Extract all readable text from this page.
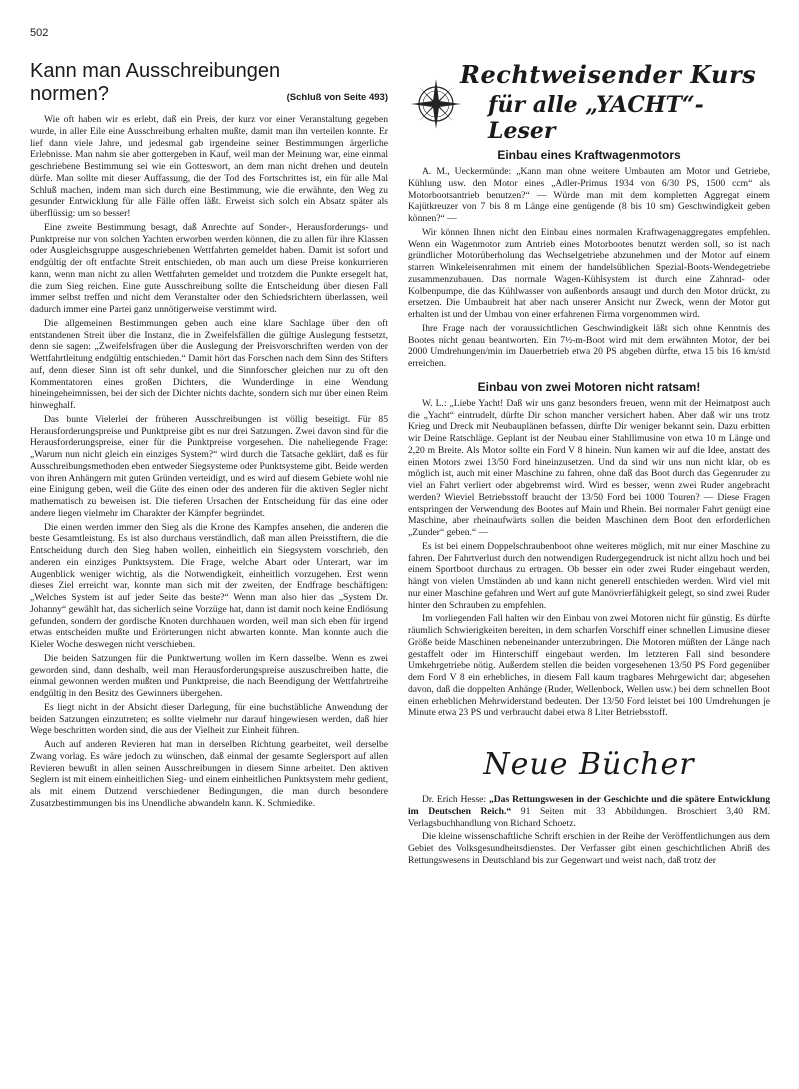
502
Kann man Ausschreibungen
normen?	(Schluß von Seite 493)

Wie oft haben wir es erlebt, daß ein Preis, der kurz vor einer Veranstaltung gegeben wurde, in aller Eile eine Ausschreibung erhalten mußte, damit man ihn verteilen konnte. Er lief dann viele Jahre, und jedesmal gab irgendeine seiner Bestimmungen ärgerliche Erlebnisse. Man nahm sie aber gottergeben in Kauf, weil man der Meinung war, eine einmal geschriebene Bestimmung sei wie ein Gotteswort, an dem man nicht drehen und deuteln dürfe. Man sollte mit dieser Auffassung, die der Tod des Fortschrittes ist, ein für alle Mal Schluß machen, indem man sich durch eine Bestimmung, wie die erwähnte, den Weg zu gesunder Entwicklung für alle Fälle offen läßt. Erweist sich solch ein Absatz später als überflüssig: um so besser!

Eine zweite Bestimmung besagt, daß Anrechte auf Sonder-, Herausforderungs- und Punktpreise nur von solchen Yachten erworben werden können, die zu allen für ihre Klassen oder Ausgleichsgruppe ausgeschriebenen Wettfahrten gemeldet haben. Damit ist sofort und endgültig der oft entfachte Streit entschieden, ob man auch um diese Preise konkurrieren kann, wenn man nicht zu allen Wettfahrten gemeldet und trotzdem die Punkte ersegelt hat, die zum Sieg reichen. Eine gute Ausschreibung sollte die Entscheidung über diesen Fall immer selbst treffen und nicht dem Veranstalter oder den Schiedsrichtern überlassen, weil dadurch immer eine Partei ganz unnötigerweise verstimmt wird.

Die allgemeinen Bestimmungen geben auch eine klare Sachlage über den oft entstandenen Streit über die Instanz, die in Zweifelsfällen die gültige Auslegung festsetzt, denn sie sagen: „Zweifelsfragen über die Auslegung der Preisvorschriften werden von der Wettfahrtleitung endgültig entschieden.“ Damit hört das Forschen nach dem Sinn des Stifters auf, denn dieser Sinn ist oft sehr dunkel, und die Sinnforscher gleichen nur zu oft den Kommentatoren eines großen Dichters, die Wunderdinge in eine Wendung hineingeheimnissen, bei der sich der Dichter nichts dachte, sondern sich nur über einen Reim hinweghalf.

Das bunte Vielerlei der früheren Ausschreibungen ist völlig beseitigt. Für 85 Herausforderungspreise und Punktpreise gibt es nur drei Satzungen. Zwei davon sind für die Herausforderungspreise, einer für die Punktpreise vorgesehen. Die naheliegende Frage: „Warum nun nicht gleich ein einziges System?“ wird durch die Tatsache geklärt, daß es für Ausschreibungsmethoden eben entweder Siegsysteme oder Punktsysteme gibt. Beide werden von ihren Anhängern mit guten Gründen verteidigt, und es wird auf diesem Gebiete wohl nie eine Einigung geben, weil die Güte des einen oder des anderen für die aktiven Segler nicht mathematisch zu beweisen ist. Die tieferen Ursachen der Entscheidung für das eine oder andere liegen vielmehr im Charakter der Kämpfer begründet.

Die einen werden immer den Sieg als die Krone des Kampfes ansehen, die anderen die beste Gesamtleistung. Es ist also durchaus verständlich, daß man allen Preisstiftern, die die Entscheidung durch den Sieg haben wollen, einheitlich ein Siegsystem vorschrieb, den anderen ein einziges Punktsystem. Die Frage, welche Abart oder Unterart, war im Augenblick weniger wichtig, als die Notwendigkeit, einheitlich vorzugehen. Erst wenn dieses Ziel erreicht war, konnte man sich mit der zweiten, der Endfrage beschäftigen: „Welches System ist auf jeder Seite das beste?“ Wenn man also hier das „System Dr. Johanny“ gewählt hat, das sicherlich seine Vorzüge hat, dann ist damit noch keine Endlösung gefunden, sondern der gordische Knoten durchhauen worden, weil man sich eben für irgend etwas entscheiden mußte und Erörterungen nicht abwarten konnte. Man konnte auch die Kieler Woche deswegen nicht verschieben.

Die beiden Satzungen für die Punktwertung wollen im Kern dasselbe. Wenn es zwei geworden sind, dann deshalb, weil man Herausforderungspreise auszuschreiben hatte, die einmal gewonnen werden mußten und Punktpreise, die nach Beendigung der Wettfahrtreihe endgültig in den Besitz des Gewinners übergehen.

Es liegt nicht in der Absicht dieser Darlegung, für eine buchstäbliche Anwendung der beiden Satzungen einzutreten; es sollte vielmehr nur darauf hingewiesen werden, daß hier Wege beschritten worden sind, die aus der Vielheit zur Einheit führen.

Auch auf anderen Revieren hat man in derselben Richtung gearbeitet, weil derselbe Zwang vorlag. Es wäre jedoch zu wünschen, daß einmal der gesamte Seglersport auf allen Revieren bewußt in allen seinen Ausschreibungen in diesem Sinne arbeitet. Den aktiven Seglern ist mit einem einheitlichen Sieg- und einem einheitlichen Punktsystem mehr gedient, als mit einem Dutzend verschiedener Bedingungen, die man durch besondere Zusatzbestimmungen bis ins Unendliche abwandeln kann. K. Schmiedike.

Rechtweisender Kurs
für alle „YACHT“-Leser
Einbau eines Kraftwagenmotors

A. M., Ueckermünde: „Kann man ohne weitere Umbauten am Motor und Getriebe, Kühlung usw. den Motor eines „Adler-Primus 1934 von 6/30 PS, 1500 ccm“ als Motorbootsantrieb benutzen?“ — Würde man mit dem kompletten Aggregat einem Kajütkreuzer von 7 bis 8 m Länge eine genügende (8 bis 10 sm) Geschwindigkeit geben können?“ —

Wir können Ihnen nicht den Einbau eines normalen Kraftwagenaggregates empfehlen. Wenn ein Wagenmotor zum Antrieb eines Motorbootes benutzt werden soll, so ist nach gründlicher Motorüberholung das Wechselgetriebe abzunehmen und der Motor auf einem starren Winkeleisenrahmen mit einem der handelsüblichen Spezial-Boots-Wendegetriebe zusammenzubauen. Das normale Wagen-Kühlsystem ist durch eine Zahnrad- oder Kolbenpumpe, die das Kühlwasser von außenbords ansaugt und durch den Motor drückt, zu ersetzen. Die Umbaubreit hat aber nach unserer Ansicht nur Zweck, wenn der Motor gut erhalten ist und der Umbau von einer erfahrenen Firma vorgenommen wird.

Ihre Frage nach der voraussichtlichen Geschwindigkeit läßt sich ohne Kenntnis des Bootes nicht genau beantworten. Ein 7½-m-Boot wird mit dem erwähnten Motor, der bei 2000 Umdrehungen/min im Dauerbetrieb etwa 20 PS abgeben dürfte, etwa 15 bis 16 km/std erreichen.

Einbau von zwei Motoren nicht ratsam!

W. L.: „Liebe Yacht! Daß wir uns ganz besonders freuen, wenn mit der Heimatpost auch die „Yacht“ eintrudelt, dürfte Dir schon mancher versichert haben. Aber daß wir uns trotz Krieg und Dreck mit Neubauplänen befassen, dürfte Dir weniger bekannt sein. Dazu erbitten wir Deine Ratschläge. Geplant ist der Neubau einer Stahllimusine von etwa 10 m Länge und 2,20 m Breite. Als Motor sollte ein Ford V 8 hinein. Nun kamen wir auf die Idee, anstatt des einen Motors zwei 13/50 Ford hineinzusetzen. Und da sind wir uns nun nicht klar, ob es möglich ist, auch mit einer Maschine zu fahren, ohne daß das Boot durch das Gegenruder zu viel an Fahrt verliert oder abgebremst wird. Wird es besser, wenn zwei Ruder angebracht werden? Wieviel Betriebsstoff braucht der 13/50 Ford bei 1000 Touren? — Diese Fragen entspringen der Verwendung des Bootes auf Main und Rhein. Bei normaler Fahrt genügt eine Maschine, aber rheinaufwärts sollen die beiden Maschinen dem Boot den erforderlichen „Zunder“ geben.“ —

Es ist bei einem Doppelschraubenboot ohne weiteres möglich, mit nur einer Maschine zu fahren. Der Fahrtverlust durch den notwendigen Rudergegendruck ist nicht allzu hoch und bei einem Sportboot durchaus zu ertragen. Ob besser ein oder zwei Ruder eingebaut werden, hängt von vielen Umständen ab und kann nicht generell entschieden werden. Wird viel mit nur einer Maschine gefahren und Wert auf gute Manövrierfähigkeit gelegt, so sind zwei Ruder hinter den Schrauben zu empfehlen.

Im vorliegenden Fall halten wir den Einbau von zwei Motoren nicht für günstig. Es dürfte räumlich Schwierigkeiten bereiten, in dem scharfen Vorschiff einer schnellen Limusine dieser Größe beide Maschinen nebeneinander unterzubringen. Die Motoren müßten der Länge nach gestaffelt oder im Hinterschiff eingebaut werden. Im letzteren Fall sind besondere Umkehrgetriebe nötig. Außerdem stellen die beiden vorgesehenen 13/50 PS Ford gegenüber dem Ford V 8 ein erhebliches, in diesem Fall kaum tragbares Mehrgewicht dar; abgesehen davon, daß die doppelten Anhänge (Ruder, Wellenbock, Wellen usw.) bei dem schnellen Boot einen erheblichen Mehrwiderstand bedeuten. Der 13/50 Ford leistet bei 100 Umdrehungen je Minute etwa 23 PS und verbraucht dabei etwa 8 Liter Betriebsstoff.

Neue Bücher

Dr. Erich Hesse: „Das Rettungswesen in der Geschichte und die spätere Entwicklung im Deutschen Reich.“ 91 Seiten mit 33 Abbildungen. Broschiert 3,40 RM. Verlagsbuchhandlung von Richard Schoetz.

Die kleine wissenschaftliche Schrift erschien in der Reihe der Veröffentlichungen aus dem Gebiet des Volksgesundheitsdienstes. Der Verfasser gibt einen geschichtlichen Abriß des Rettungswesens in Deutschland bis zur Gegenwart und weist nach, daß trotz der
